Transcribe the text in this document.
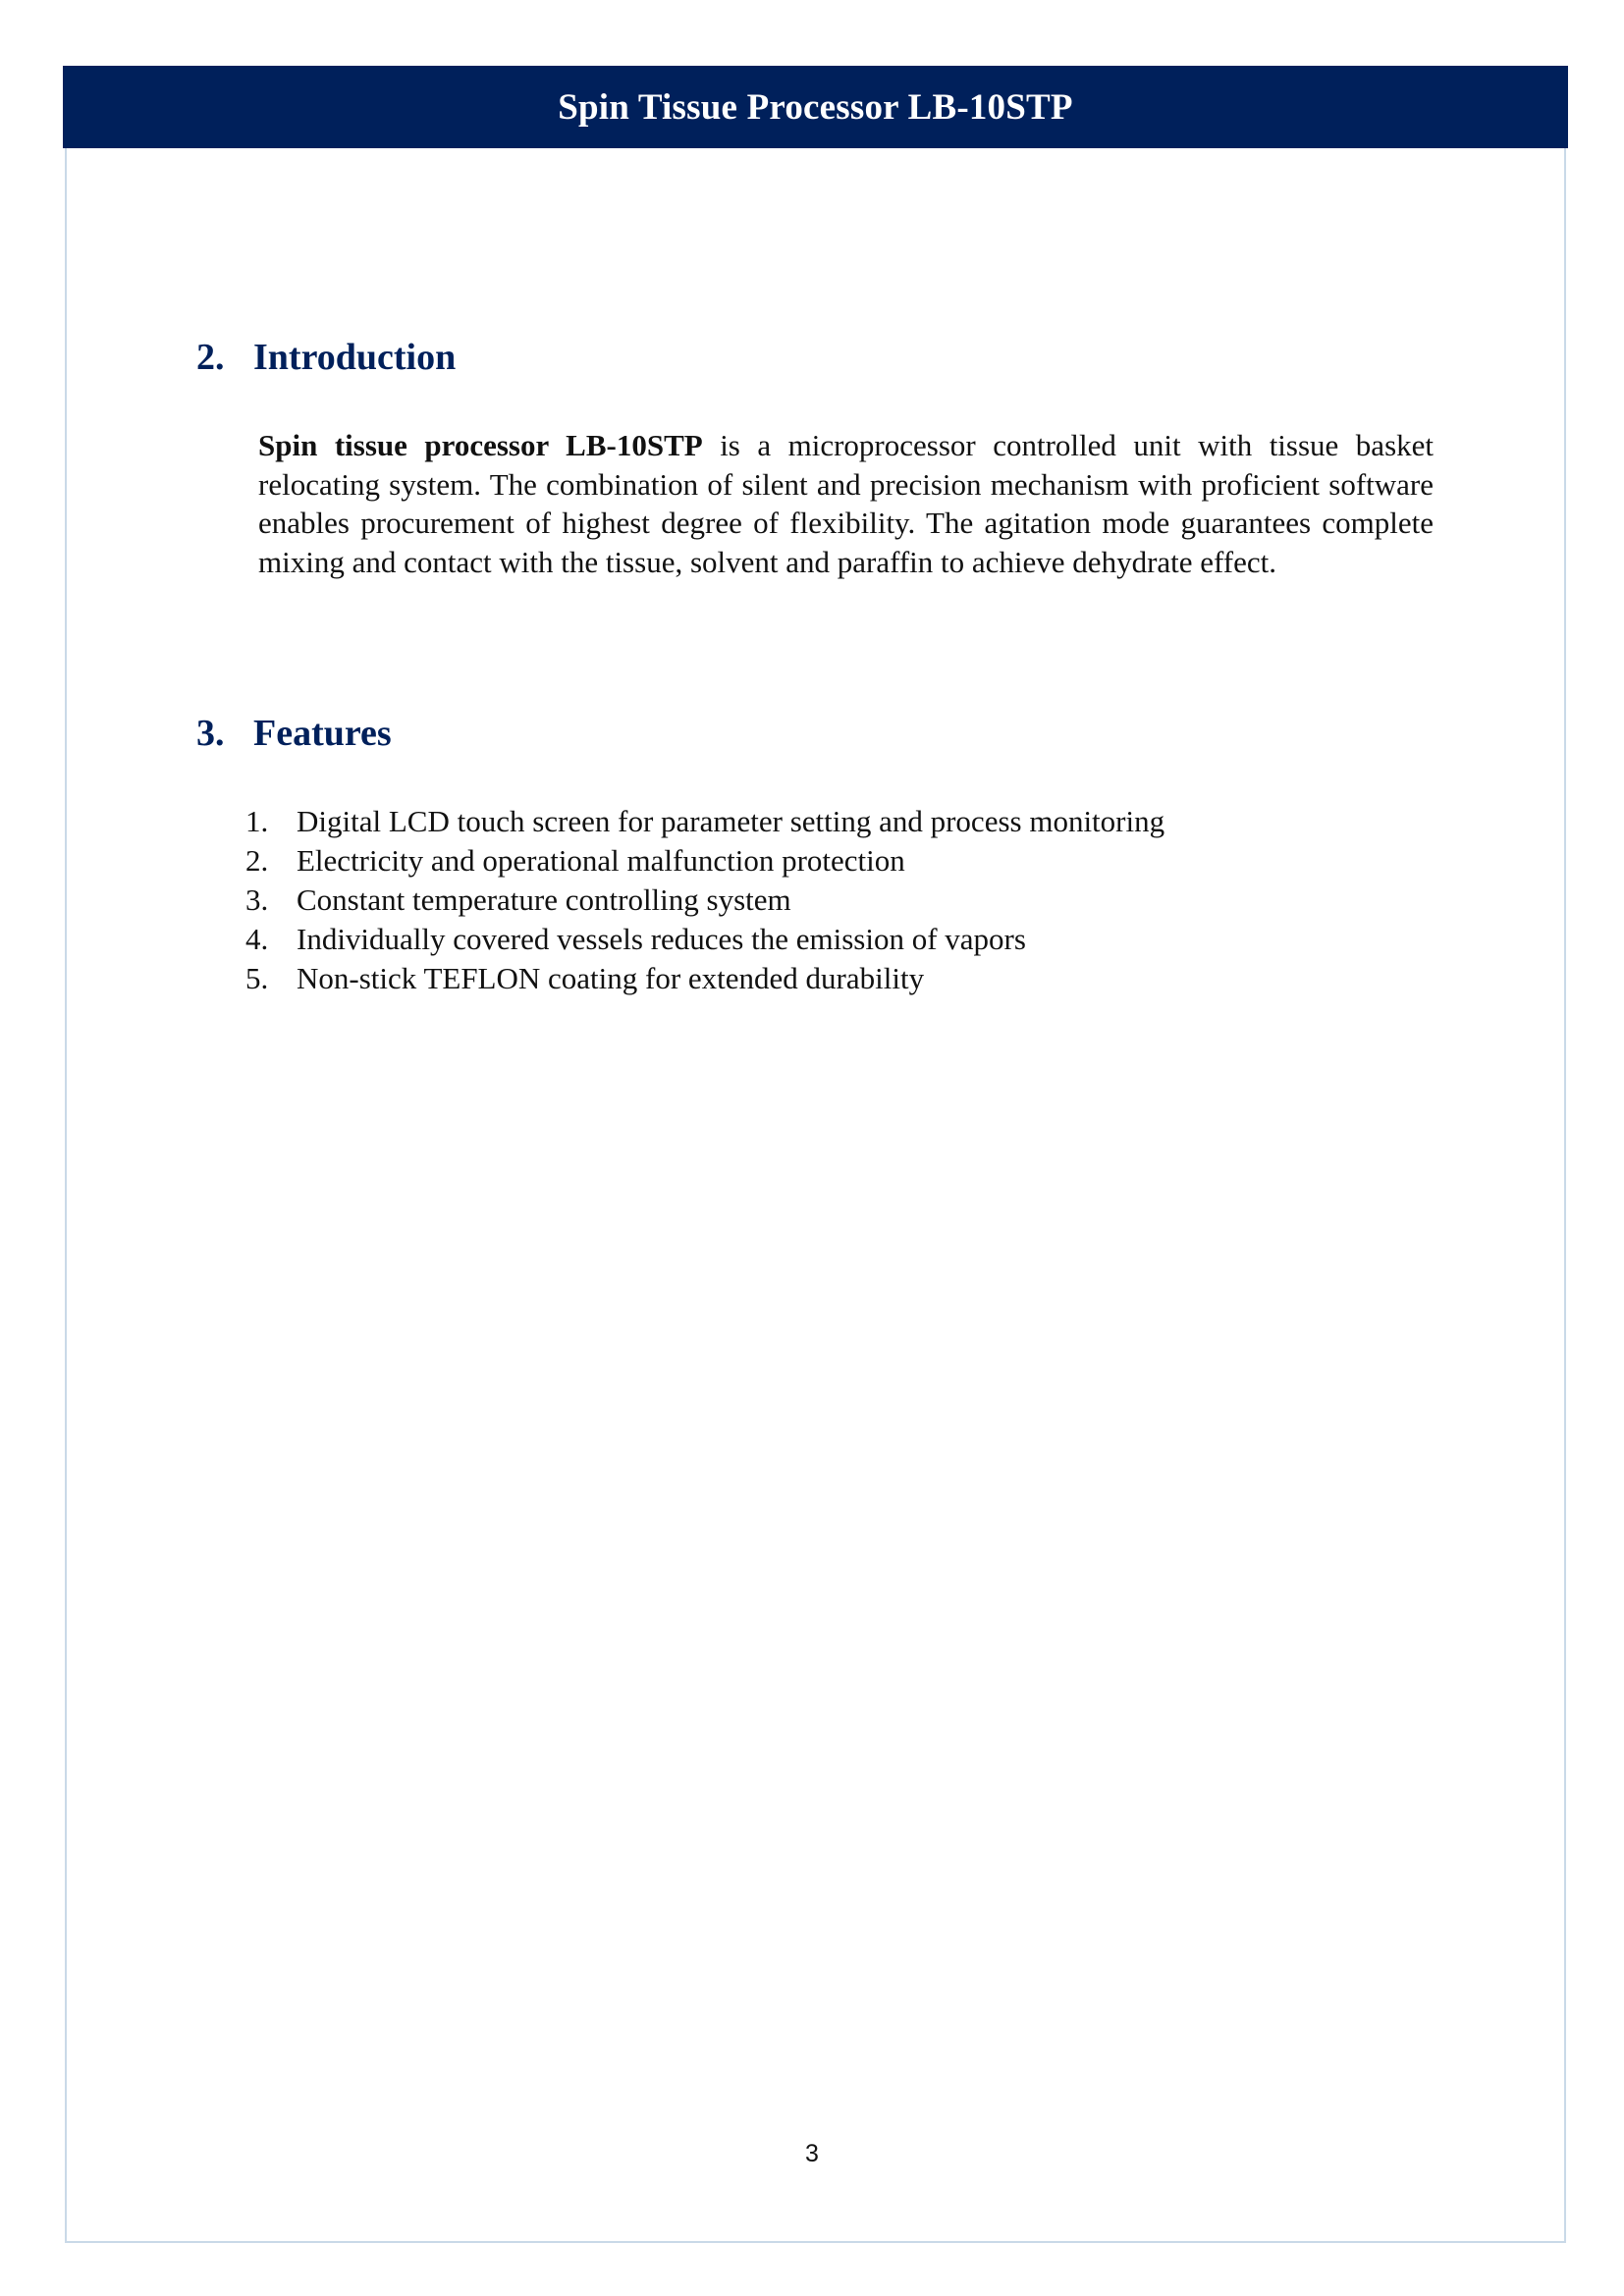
Spin Tissue Processor LB-10STP
2. Introduction

Spin tissue processor LB-10STP is a microprocessor controlled unit with tissue basket relocating system. The combination of silent and precision mechanism with proficient software enables procurement of highest degree of flexibility. The agitation mode guarantees complete mixing and contact with the tissue, solvent and paraffin to achieve dehydrate effect.

3. Features
1. Digital LCD touch screen for parameter setting and process monitoring
2. Electricity and operational malfunction protection
3. Constant temperature controlling system
4. Individually covered vessels reduces the emission of vapors
5. Non-stick TEFLON coating for extended durability
3
